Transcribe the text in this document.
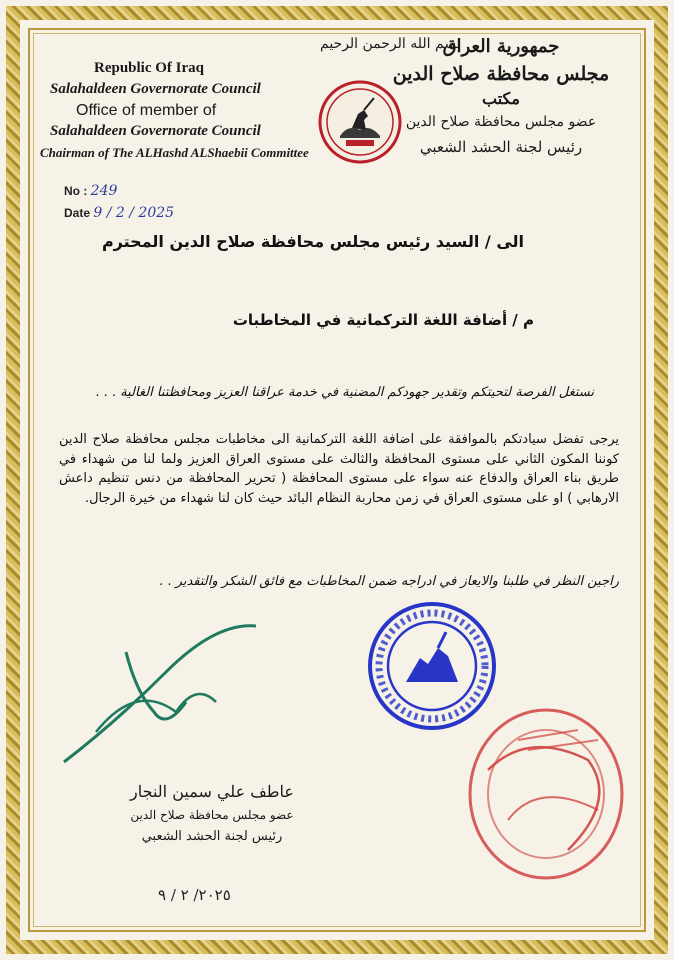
Republic Of Iraq
Salahaldeen Governorate Council
Office of member of
Salahaldeen Governorate Council
Chairman of The ALHashd ALShaebii Committee
No : 249
Date 9 / 2 / 2025
بسم الله الرحمن الرحيم
جمهورية العراق
مجلس محافظة صلاح الدين
مكتب
عضو مجلس محافظة صلاح الدين
رئيس لجنة الحشد الشعبي
الى / السيد رئيس مجلس محافظة صلاح الدين المحترم
م / أضافة اللغة التركمانية في المخاطبات
نستغل الفرصة لتحيتكم وتقدير جهودكم المضنية في خدمة عراقنا العزيز ومحافظتنا الغالية . . .
يرجى تفضل سيادتكم بالموافقة على اضافة اللغة التركمانية الى مخاطبات مجلس محافظة صلاح الدين كوننا المكون الثاني على مستوى المحافظة والثالث على مستوى العراق العزيز ولما لنا من شهداء في طريق بناء العراق والدفاع عنه سواء على مستوى المحافظة ( تحرير المحافظة من دنس تنظيم داعش الارهابي ) او على مستوى العراق في زمن محاربة النظام البائد حيث كان لنا شهداء من خيرة الرجال.
راجين النظر في طلبنا والايعاز في ادراجه ضمن المخاطبات مع فائق الشكر والتقدير . .
عاطف علي سمين النجار
عضو مجلس محافظة صلاح الدين
رئيس لجنة الحشد الشعبي
٢٠٢٥/ ٢ / ٩
